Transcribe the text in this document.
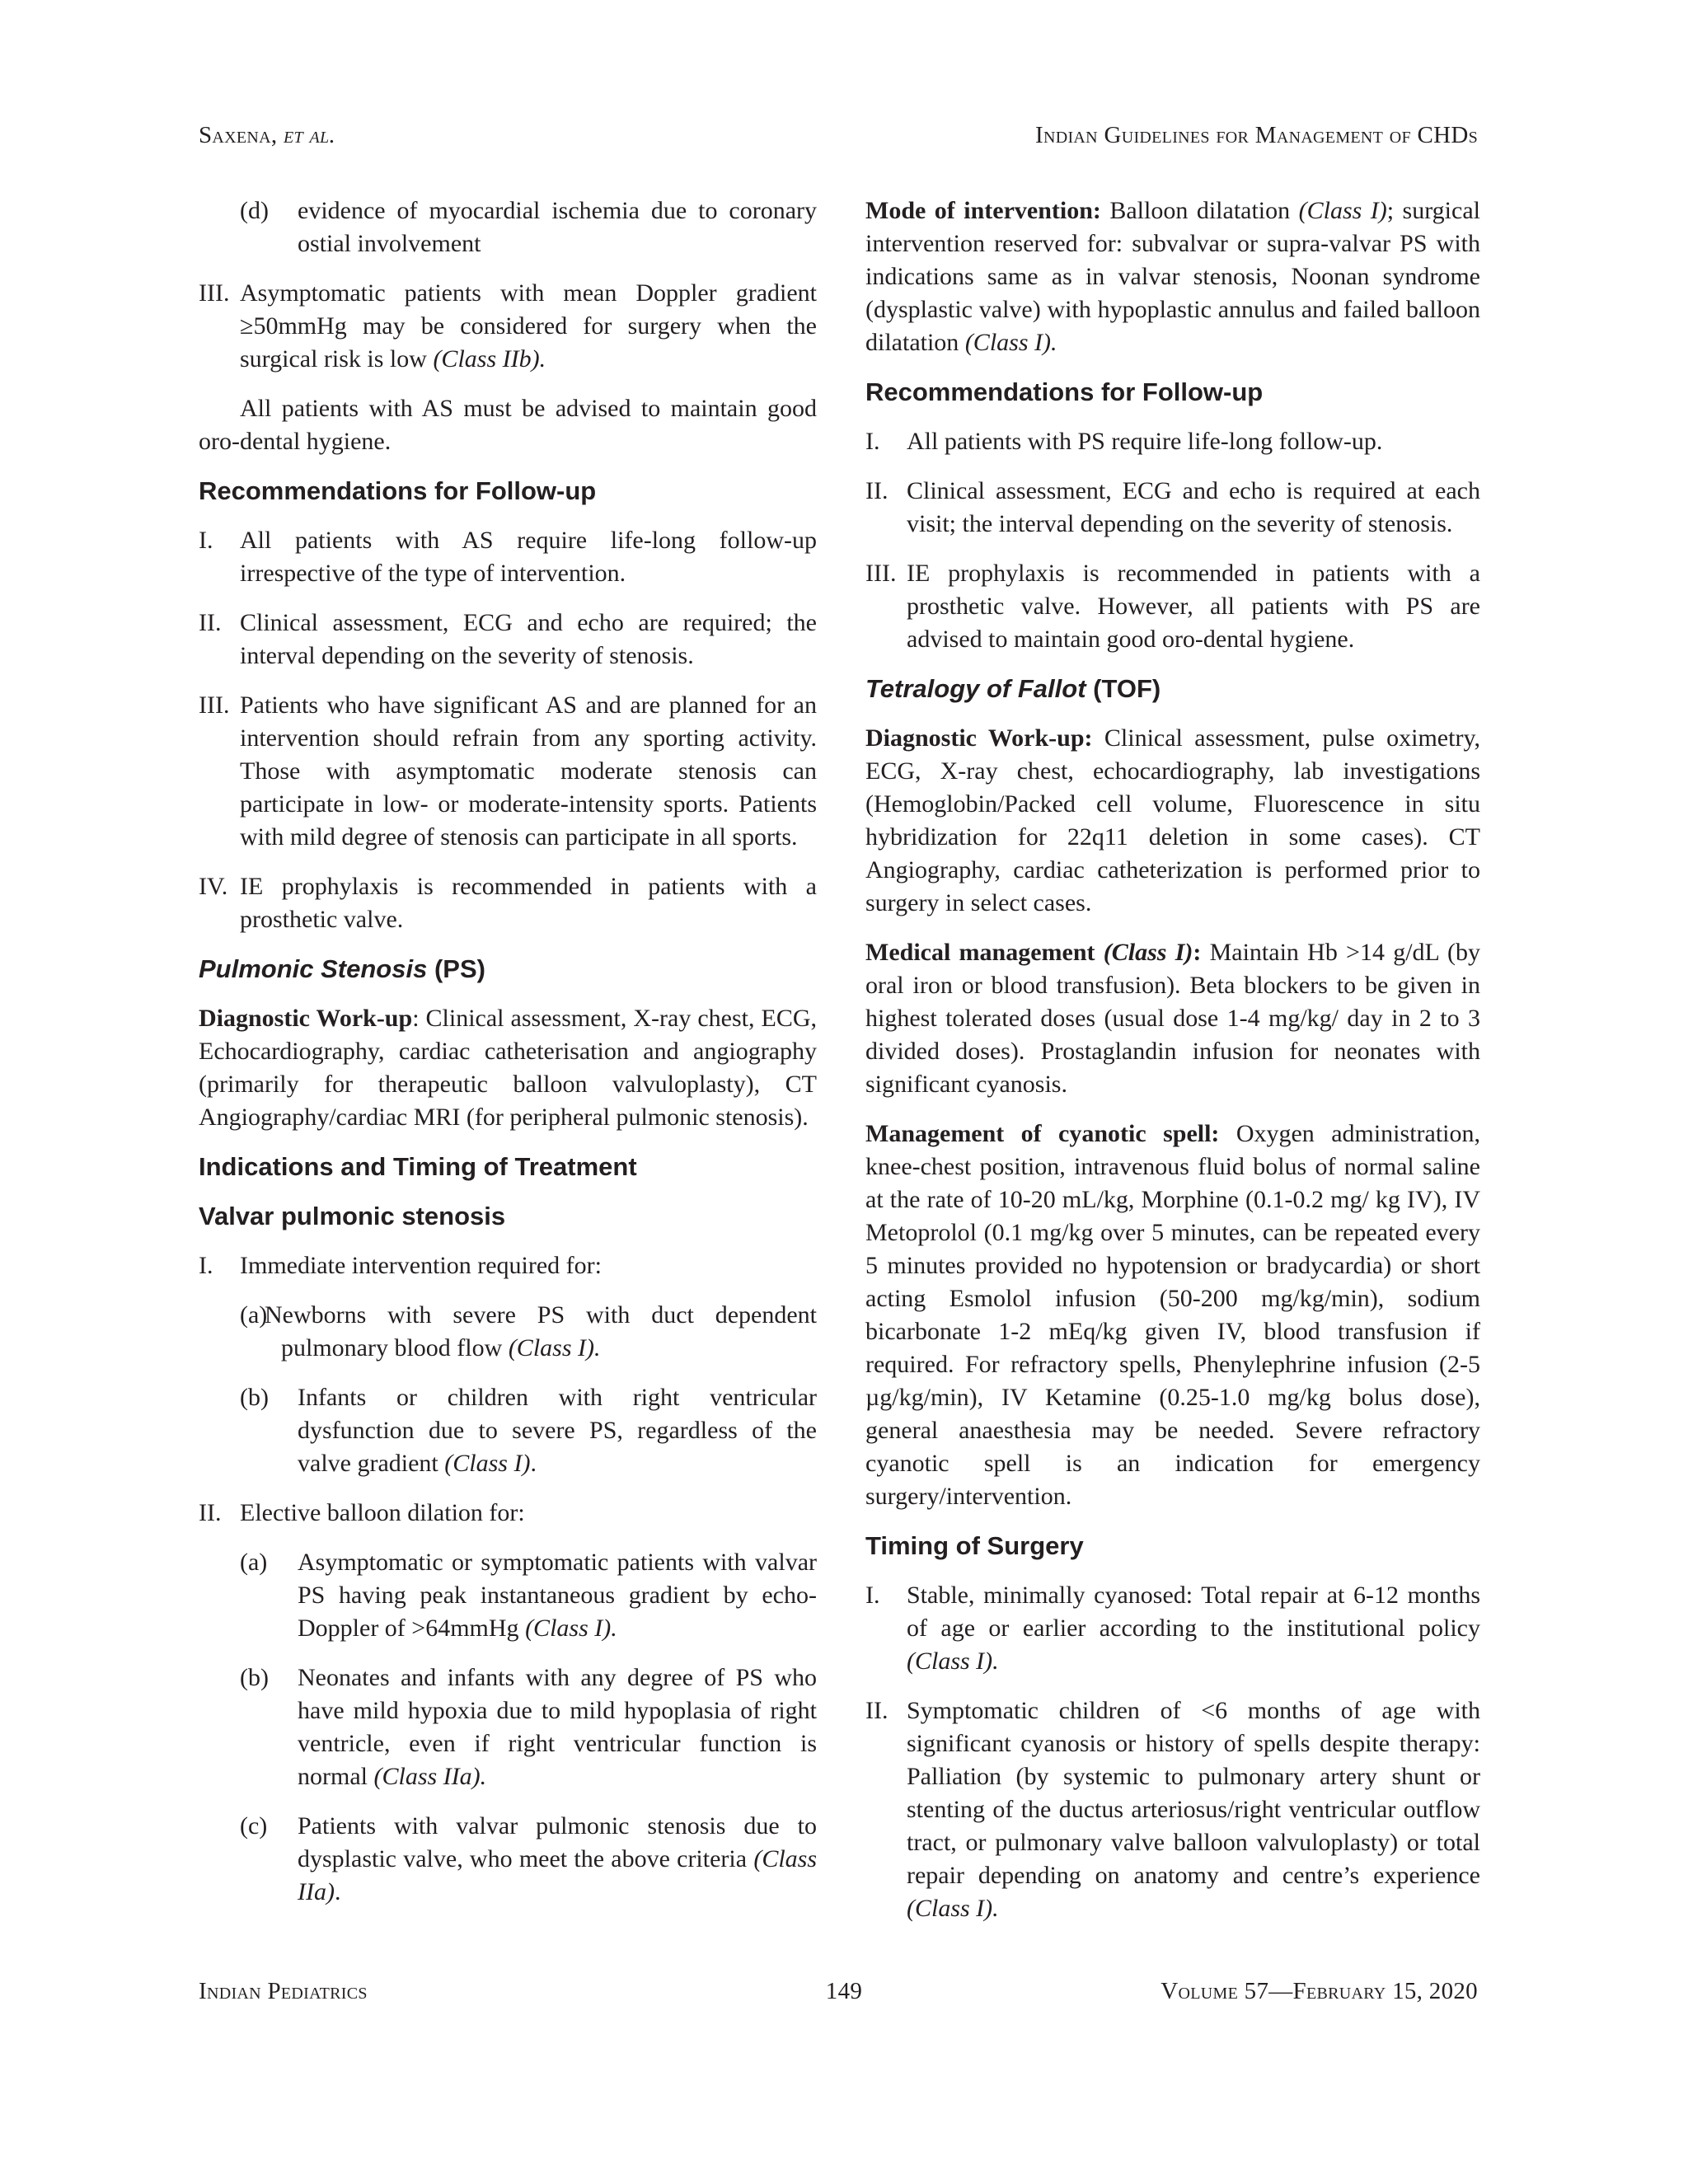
Saxena, et al.	Indian Guidelines for Management of CHDs
(d)	evidence of myocardial ischemia due to coronary ostial involvement
III. Asymptomatic patients with mean Doppler gradient ≥50mmHg may be considered for surgery when the surgical risk is low (Class IIb).

All patients with AS must be advised to maintain good oro-dental hygiene.

Recommendations for Follow-up
I.	All patients with AS require life-long follow-up irrespective of the type of intervention.
II. Clinical assessment, ECG and echo are required; the interval depending on the severity of stenosis.
III. Patients who have significant AS and are planned for an intervention should refrain from any sporting activity. Those with asymptomatic moderate stenosis can participate in low- or moderate-intensity sports. Patients with mild degree of stenosis can participate in all sports.
IV. IE prophylaxis is recommended in patients with a prosthetic valve.
Pulmonic Stenosis (PS)

Diagnostic Work-up: Clinical assessment, X-ray chest, ECG, Echocardiography, cardiac catheterisation and angiography (primarily for therapeutic balloon valvuloplasty), CT Angiography/cardiac MRI (for peripheral pulmonic stenosis).

Indications and Timing of Treatment
Valvar pulmonic stenosis
I.	Immediate intervention required for:
(a)
Newborns with severe PS with duct dependent pulmonary blood flow (Class I).
(b)	Infants or children with right ventricular dysfunction due to severe PS, regardless of the valve gradient (Class I).
II. Elective balloon dilation for:
(a)	Asymptomatic or symptomatic patients with valvar PS having peak instantaneous gradient by echo-Doppler of >64mmHg (Class I).
(b)	Neonates and infants with any degree of PS who have mild hypoxia due to mild hypoplasia of right ventricle, even if right ventricular function is normal (Class IIa).
(c)	Patients with valvar pulmonic stenosis due to dysplastic valve, who meet the above criteria (Class IIa).

Mode of intervention: Balloon dilatation (Class I); surgical intervention reserved for: subvalvar or supra-valvar PS with indications same as in valvar stenosis, Noonan syndrome (dysplastic valve) with hypoplastic annulus and failed balloon dilatation (Class I).

Recommendations for Follow-up
I.	All patients with PS require life-long follow-up.
II. Clinical assessment, ECG and echo is required at each visit; the interval depending on the severity of stenosis.
III. IE prophylaxis is recommended in patients with a prosthetic valve. However, all patients with PS are advised to maintain good oro-dental hygiene.
Tetralogy of Fallot (TOF)

Diagnostic Work-up: Clinical assessment, pulse oximetry, ECG, X-ray chest, echocardiography, lab investigations (Hemoglobin/Packed cell volume, Fluorescence in situ hybridization for 22q11 deletion in some cases). CT Angiography, cardiac catheterization is performed prior to surgery in select cases.

Medical management (Class I): Maintain Hb >14 g/dL (by oral iron or blood transfusion). Beta blockers to be given in highest tolerated doses (usual dose 1-4 mg/kg/ day in 2 to 3 divided doses). Prostaglandin infusion for neonates with significant cyanosis.

Management of cyanotic spell: Oxygen administration, knee-chest position, intravenous fluid bolus of normal saline at the rate of 10-20 mL/kg, Morphine (0.1-0.2 mg/ kg IV), IV Metoprolol (0.1 mg/kg over 5 minutes, can be repeated every 5 minutes provided no hypotension or bradycardia) or short acting Esmolol infusion (50-200 mg/kg/min), sodium bicarbonate 1-2 mEq/kg given IV, blood transfusion if required. For refractory spells, Phenylephrine infusion (2-5 µg/kg/min), IV Ketamine (0.25-1.0 mg/kg bolus dose), general anaesthesia may be needed. Severe refractory cyanotic spell is an indication for emergency surgery/intervention.

Timing of Surgery
I.	Stable, minimally cyanosed: Total repair at 6-12 months of age or earlier according to the institutional policy (Class I).
II. Symptomatic children of <6 months of age with significant cyanosis or history of spells despite therapy: Palliation (by systemic to pulmonary artery shunt or stenting of the ductus arteriosus/right ventricular outflow tract, or pulmonary valve balloon valvuloplasty) or total repair depending on anatomy and centre’s experience (Class I).
Indian Pediatrics	149	Volume 57—February 15, 2020
